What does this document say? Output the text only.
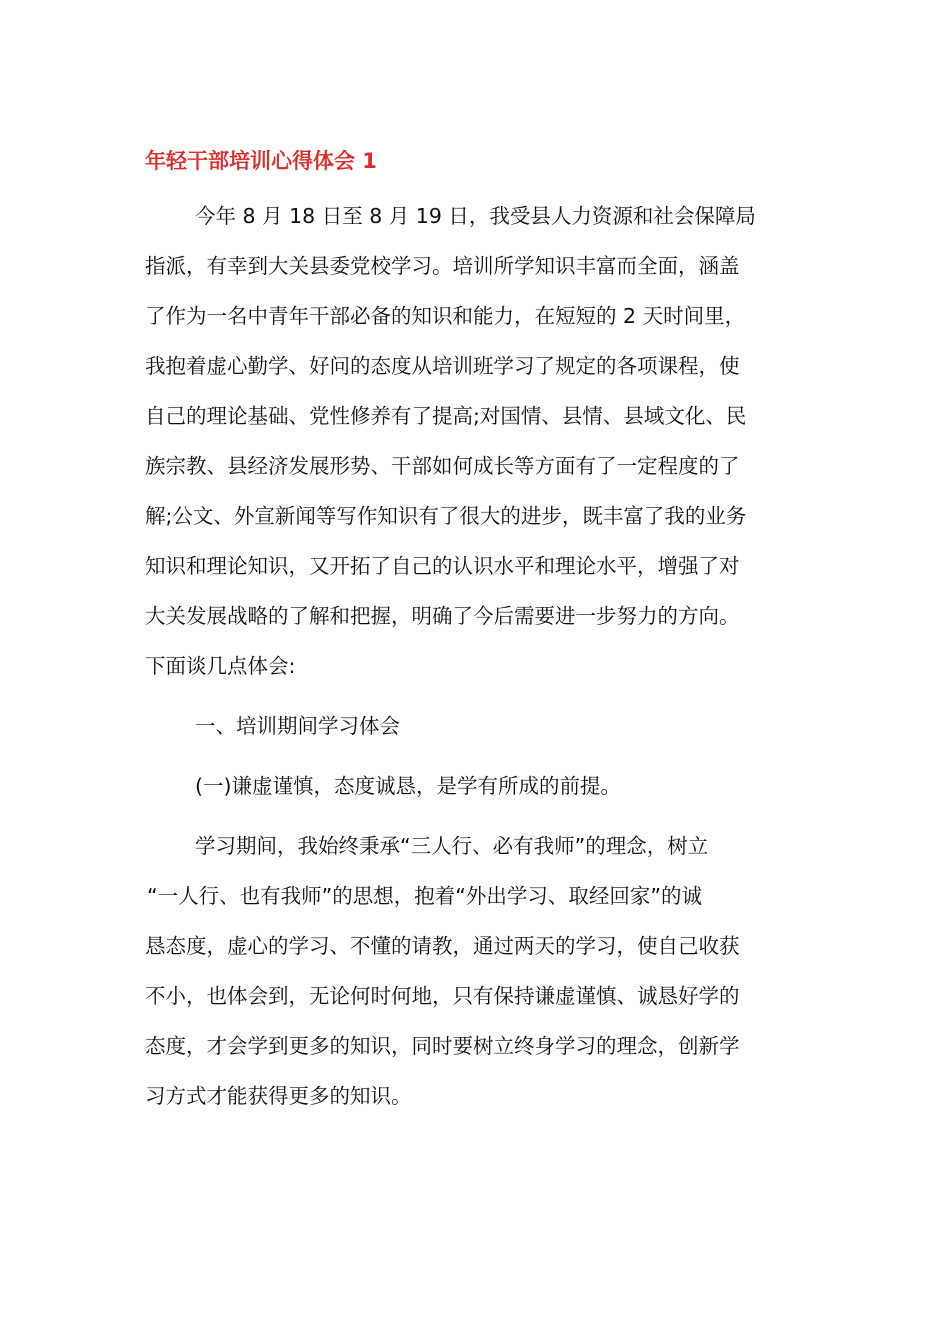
年轻干部培训心得体会 1
今年 8 月 18 日至 8 月 19 日，我受县人力资源和社会保障局
指派，有幸到大关县委党校学习。培训所学知识丰富而全面，涵盖
了作为一名中青年干部必备的知识和能力，在短短的 2 天时间里，
我抱着虚心勤学、好问的态度从培训班学习了规定的各项课程，使
自己的理论基础、党性修养有了提高;对国情、县情、县域文化、民
族宗教、县经济发展形势、干部如何成长等方面有了一定程度的了
解;公文、外宣新闻等写作知识有了很大的进步，既丰富了我的业务
知识和理论知识，又开拓了自己的认识水平和理论水平，增强了对
大关发展战略的了解和把握，明确了今后需要进一步努力的方向。
下面谈几点体会:
一、培训期间学习体会
(一)谦虚谨慎，态度诚恳，是学有所成的前提。
学习期间，我始终秉承“三人行、必有我师”的理念，树立
“一人行、也有我师”的思想，抱着“外出学习、取经回家”的诚
恳态度，虚心的学习、不懂的请教，通过两天的学习，使自己收获
不小，也体会到，无论何时何地，只有保持谦虚谨慎、诚恳好学的
态度，才会学到更多的知识，同时要树立终身学习的理念，创新学
习方式才能获得更多的知识。
